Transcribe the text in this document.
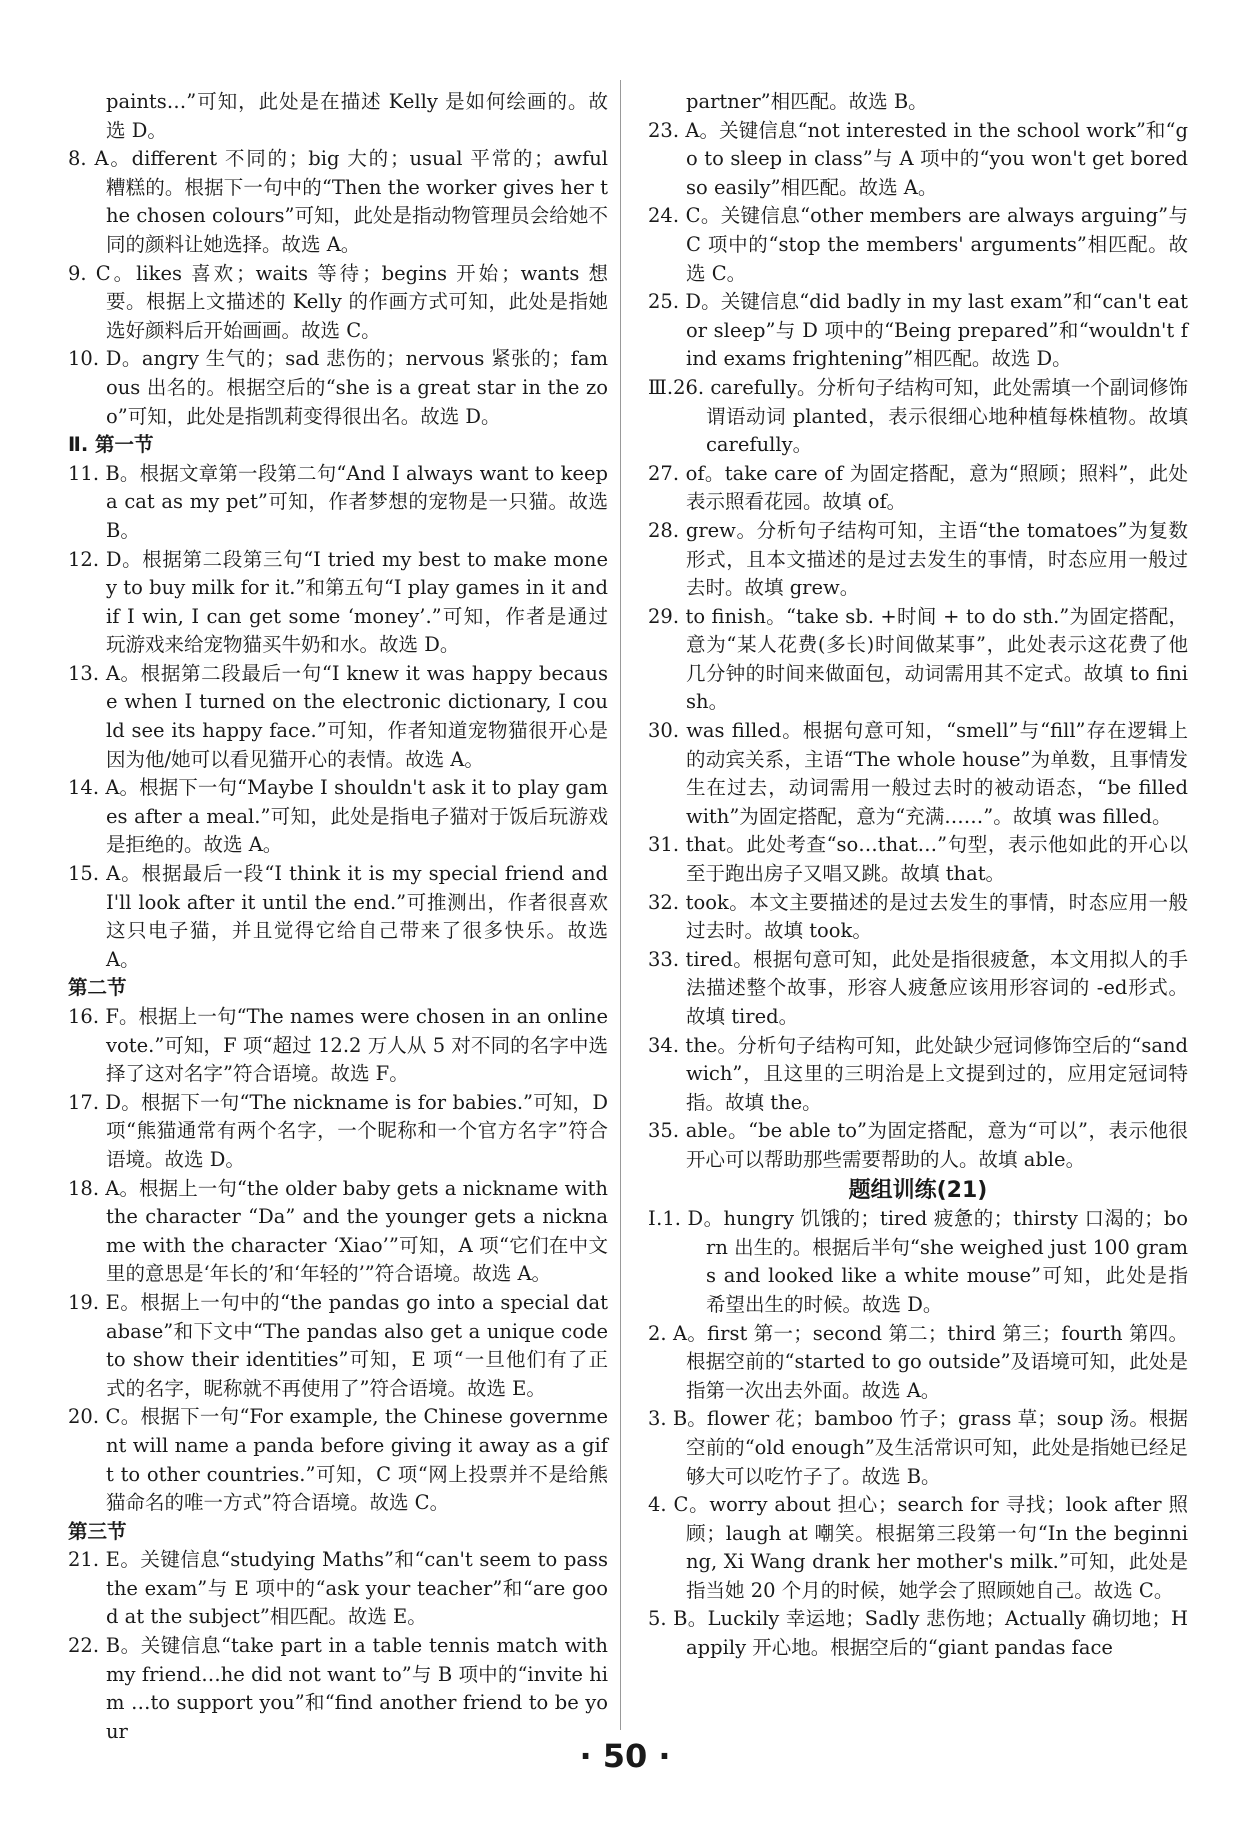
paints…”可知，此处是在描述 Kelly 是如何绘画的。故选 D。

8. A。different 不同的；big 大的；usual 平常的；awful 糟糕的。根据下一句中的“Then the worker gives her the chosen colours”可知，此处是指动物管理员会给她不同的颜料让她选择。故选 A。

9. C。likes 喜欢；waits 等待；begins 开始；wants 想要。根据上文描述的 Kelly 的作画方式可知，此处是指她选好颜料后开始画画。故选 C。

10. D。angry 生气的；sad 悲伤的；nervous 紧张的；famous 出名的。根据空后的“she is a great star in the zoo”可知，此处是指凯莉变得很出名。故选 D。

Ⅱ. 第一节

11. B。根据文章第一段第二句“And I always want to keep a cat as my pet”可知，作者梦想的宠物是一只猫。故选 B。

12. D。根据第二段第三句“I tried my best to make money to buy milk for it.”和第五句“I play games in it and if I win, I can get some ‘money’.”可知，作者是通过玩游戏来给宠物猫买牛奶和水。故选 D。

13. A。根据第二段最后一句“I knew it was happy because when I turned on the electronic dictionary, I could see its happy face.”可知，作者知道宠物猫很开心是因为他/她可以看见猫开心的表情。故选 A。

14. A。根据下一句“Maybe I shouldn't ask it to play games after a meal.”可知，此处是指电子猫对于饭后玩游戏是拒绝的。故选 A。

15. A。根据最后一段“I think it is my special friend and I'll look after it until the end.”可推测出，作者很喜欢这只电子猫，并且觉得它给自己带来了很多快乐。故选 A。

第二节

16. F。根据上一句“The names were chosen in an online vote.”可知，F 项“超过 12.2 万人从 5 对不同的名字中选择了这对名字”符合语境。故选 F。

17. D。根据下一句“The nickname is for babies.”可知，D 项“熊猫通常有两个名字，一个昵称和一个官方名字”符合语境。故选 D。

18. A。根据上一句“the older baby gets a nickname with the character “Da” and the younger gets a nickname with the character ‘Xiao’”可知，A 项“它们在中文里的意思是‘年长的’和‘年轻的’”符合语境。故选 A。

19. E。根据上一句中的“the pandas go into a special database”和下文中“The pandas also get a unique code to show their identities”可知，E 项“一旦他们有了正式的名字，昵称就不再使用了”符合语境。故选 E。

20. C。根据下一句“For example, the Chinese government will name a panda before giving it away as a gift to other countries.”可知，C 项“网上投票并不是给熊猫命名的唯一方式”符合语境。故选 C。

第三节

21. E。关键信息“studying Maths”和“can't seem to pass the exam”与 E 项中的“ask your teacher”和“are good at the subject”相匹配。故选 E。

22. B。关键信息“take part in a table tennis match with my friend…he did not want to”与 B 项中的“invite him …to support you”和“find another friend to be your

partner”相匹配。故选 B。

23. A。关键信息“not interested in the school work”和“go to sleep in class”与 A 项中的“you won't get bored so easily”相匹配。故选 A。

24. C。关键信息“other members are always arguing”与 C 项中的“stop the members' arguments”相匹配。故选 C。

25. D。关键信息“did badly in my last exam”和“can't eat or sleep”与 D 项中的“Being prepared”和“wouldn't find exams frightening”相匹配。故选 D。

Ⅲ.26. carefully。分析句子结构可知，此处需填一个副词修饰谓语动词 planted，表示很细心地种植每株植物。故填 carefully。

27. of。take care of 为固定搭配，意为“照顾；照料”，此处表示照看花园。故填 of。

28. grew。分析句子结构可知，主语“the tomatoes”为复数形式，且本文描述的是过去发生的事情，时态应用一般过去时。故填 grew。

29. to finish。“take sb. +时间 + to do sth.”为固定搭配，意为“某人花费(多长)时间做某事”，此处表示这花费了他几分钟的时间来做面包，动词需用其不定式。故填 to finish。

30. was filled。根据句意可知，“smell”与“fill”存在逻辑上的动宾关系，主语“The whole house”为单数，且事情发生在过去，动词需用一般过去时的被动语态，“be filled with”为固定搭配，意为“充满……”。故填 was filled。

31. that。此处考查“so…that…”句型，表示他如此的开心以至于跑出房子又唱又跳。故填 that。

32. took。本文主要描述的是过去发生的事情，时态应用一般过去时。故填 took。

33. tired。根据句意可知，此处是指很疲惫，本文用拟人的手法描述整个故事，形容人疲惫应该用形容词的 -ed形式。故填 tired。

34. the。分析句子结构可知，此处缺少冠词修饰空后的“sandwich”，且这里的三明治是上文提到过的，应用定冠词特指。故填 the。

35. able。“be able to”为固定搭配，意为“可以”，表示他很开心可以帮助那些需要帮助的人。故填 able。

题组训练(21)

Ⅰ.1. D。hungry 饥饿的；tired 疲惫的；thirsty 口渴的；born 出生的。根据后半句“she weighed just 100 grams and looked like a white mouse”可知，此处是指希望出生的时候。故选 D。

2. A。first 第一；second 第二；third 第三；fourth 第四。根据空前的“started to go outside”及语境可知，此处是指第一次出去外面。故选 A。

3. B。flower 花；bamboo 竹子；grass 草；soup 汤。根据空前的“old enough”及生活常识可知，此处是指她已经足够大可以吃竹子了。故选 B。

4. C。worry about 担心；search for 寻找；look after 照顾；laugh at 嘲笑。根据第三段第一句“In the beginning, Xi Wang drank her mother's milk.”可知，此处是指当她 20 个月的时候，她学会了照顾她自己。故选 C。

5. B。Luckily 幸运地；Sadly 悲伤地；Actually 确切地；Happily 开心地。根据空后的“giant pandas face

· 50 ·
